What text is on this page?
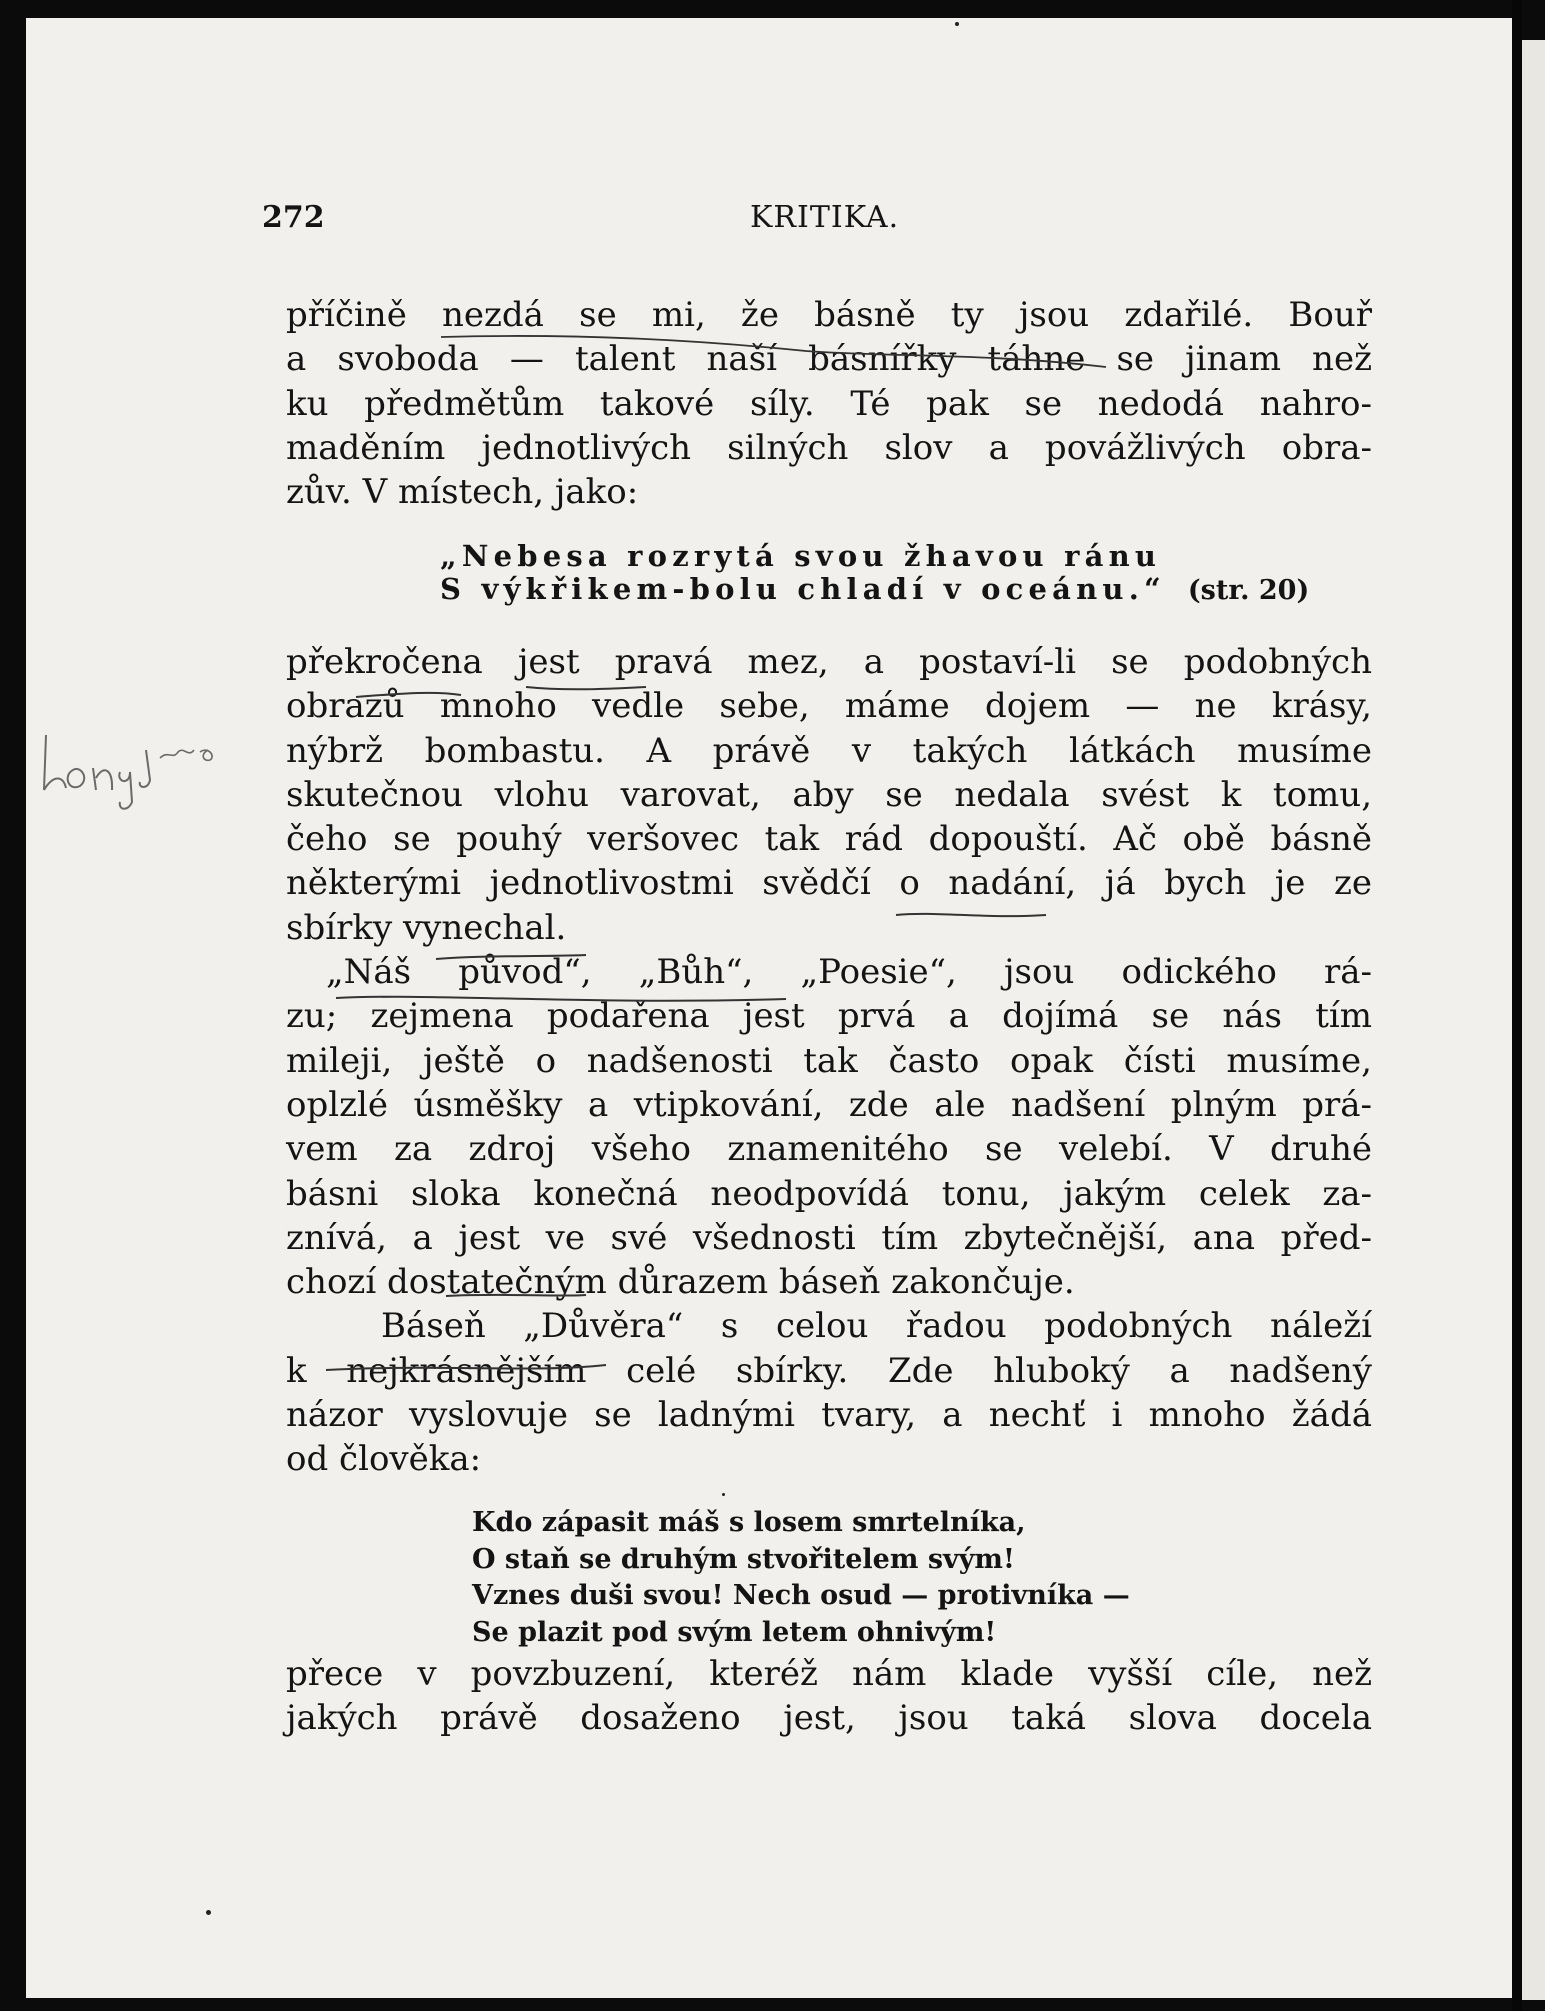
272	KRITIKA.
příčině nezdá se mi, že básně ty jsou zdařilé. Bouř
a svoboda — talent naší básnířky táhne se jinam než
ku předmětům takové síly. Té pak se nedodá nahro-
maděním jednotlivých silných slov a povážlivých obra-
zův. V místech, jako:
„Nebesa rozrytá svou žhavou ránu
S výkřikem-bolu chladí v oceánu.“ (str. 20)
překročena jest pravá mez, a postaví-li se podobných
obrazů mnoho vedle sebe, máme dojem — ne krásy,
nýbrž bombastu. A právě v takých látkách musíme
skutečnou vlohu varovat, aby se nedala svést k tomu,
čeho se pouhý veršovec tak rád dopouští. Ač obě básně
některými jednotlivostmi svědčí o nadání, já bych je ze
sbírky vynechal.
„Náš původ“, „Bůh“, „Poesie“, jsou odického rá-
zu; zejmena podařena jest prvá a dojímá se nás tím
mileji, ještě o nadšenosti tak často opak čísti musíme,
oplzlé úsměšky a vtipkování, zde ale nadšení plným prá-
vem za zdroj všeho znamenitého se velebí. V druhé
básni sloka konečná neodpovídá tonu, jakým celek za-
znívá, a jest ve své všednosti tím zbytečnější, ana před-
chozí dostatečným důrazem báseň zakončuje.
Báseň „Důvěra“ s celou řadou podobných náleží
k nejkrásnějším celé sbírky. Zde hluboký a nadšený
názor vyslovuje se ladnými tvary, a nechť i mnoho žádá
od člověka:
Kdo zápasit máš s losem smrtelníka,
O staň se druhým stvořitelem svým!
Vznes duši svou! Nech osud — protivníka —
Se plazit pod svým letem ohnivým!
přece v povzbuzení, kteréž nám klade vyšší cíle, než
jakých právě dosaženo jest, jsou taká slova docela
